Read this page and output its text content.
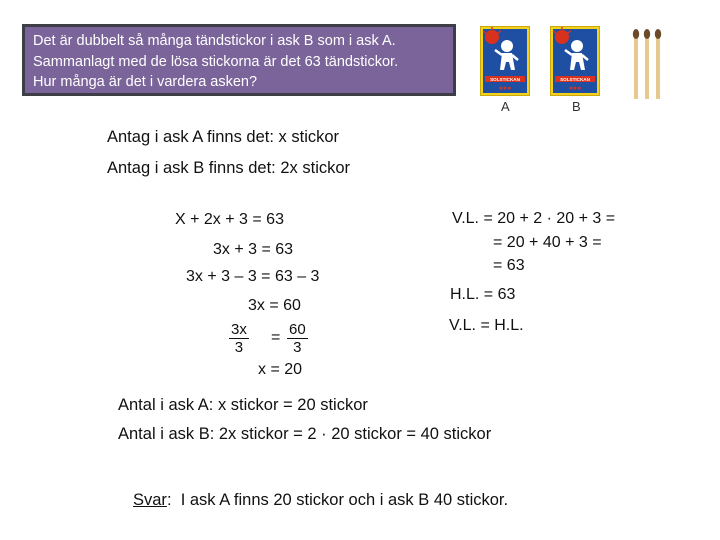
Det är dubbelt så många tändstickor i ask B som i ask A.
Sammanlagt med de lösa stickorna är det 63 tändstickor.
Hur många är det i vardera asken?	SOLSTICKAN
✱✱✱
A
SOLSTICKAN
✱✱✱
B
Antag i ask A finns det: x stickor
Antag i ask B finns det: 2x stickor
X + 2x + 3 = 63
3x + 3 = 63
3x + 3 – 3 = 63 – 3
3x = 60
$\frac{3x}{3} = \frac{60}{3}$
x = 20
V.L. = 20 + 2 · 20 + 3 =
= 20 + 40 + 3 =
= 63
H.L. = 63
V.L. = H.L.
Antal i ask A: x stickor = 20 stickor
Antal i ask B: 2x stickor = 2 · 20 stickor = 40 stickor
Svar:  I ask A finns 20 stickor och i ask B 40 stickor.
